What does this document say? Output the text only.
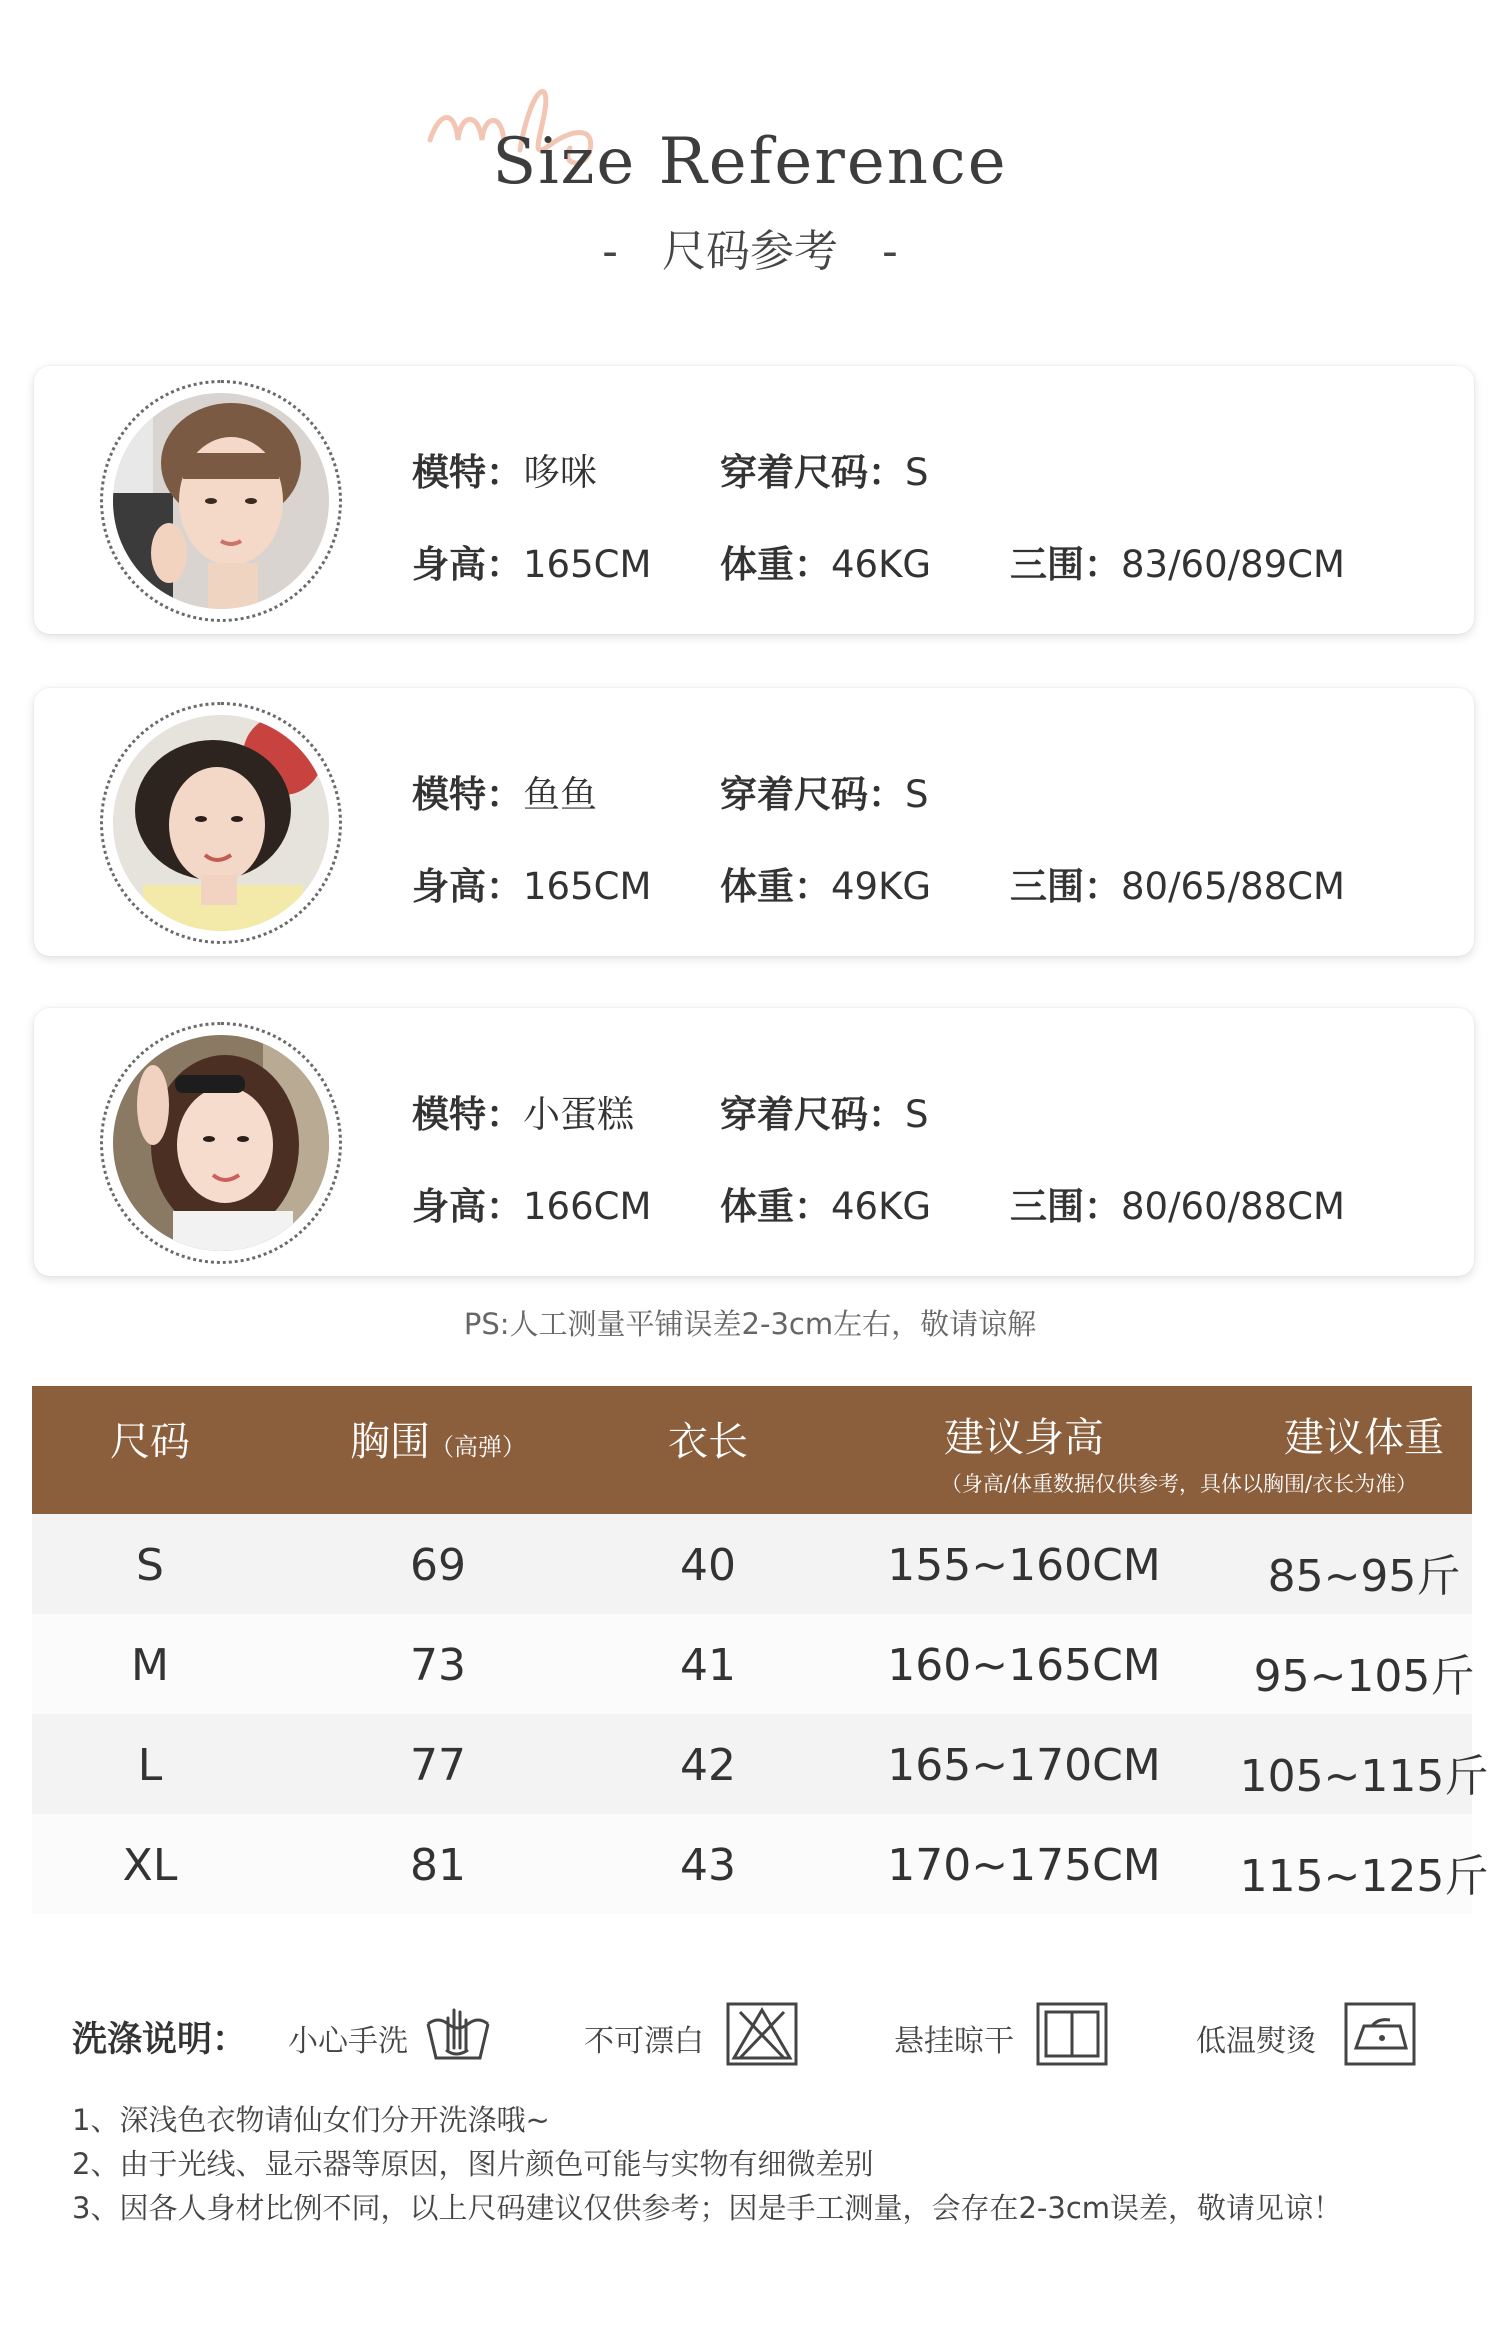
Size Reference
- 尺码参考 -
模特：哆咪	穿着尺码：S
身高：165CM 体重：46KG 三围：83/60/89CM
模特：鱼鱼	穿着尺码：S
身高：165CM 体重：49KG 三围：80/65/88CM
模特：小蛋糕 穿着尺码：S
身高：166CM 体重：46KG 三围：80/60/88CM
PS:人工测量平铺误差2-3cm左右，敬请谅解
尺码	胸围（高弹）	衣长	建议身高	建议体重
（身高/体重数据仅供参考，具体以胸围/衣长为准）
S	69	40	155~160CM	85~95斤
M	73	41	160~165CM	95~105斤
L	77	42	165~170CM	105~115斤
XL	81	43	170~175CM	115~125斤
洗涤说明： 小心手洗	不可漂白	悬挂晾干	低温熨烫
1、深浅色衣物请仙女们分开洗涤哦~
2、由于光线、显示器等原因，图片颜色可能与实物有细微差别
3、因各人身材比例不同，以上尺码建议仅供参考；因是手工测量，会存在2-3cm误差，敬请见谅！
